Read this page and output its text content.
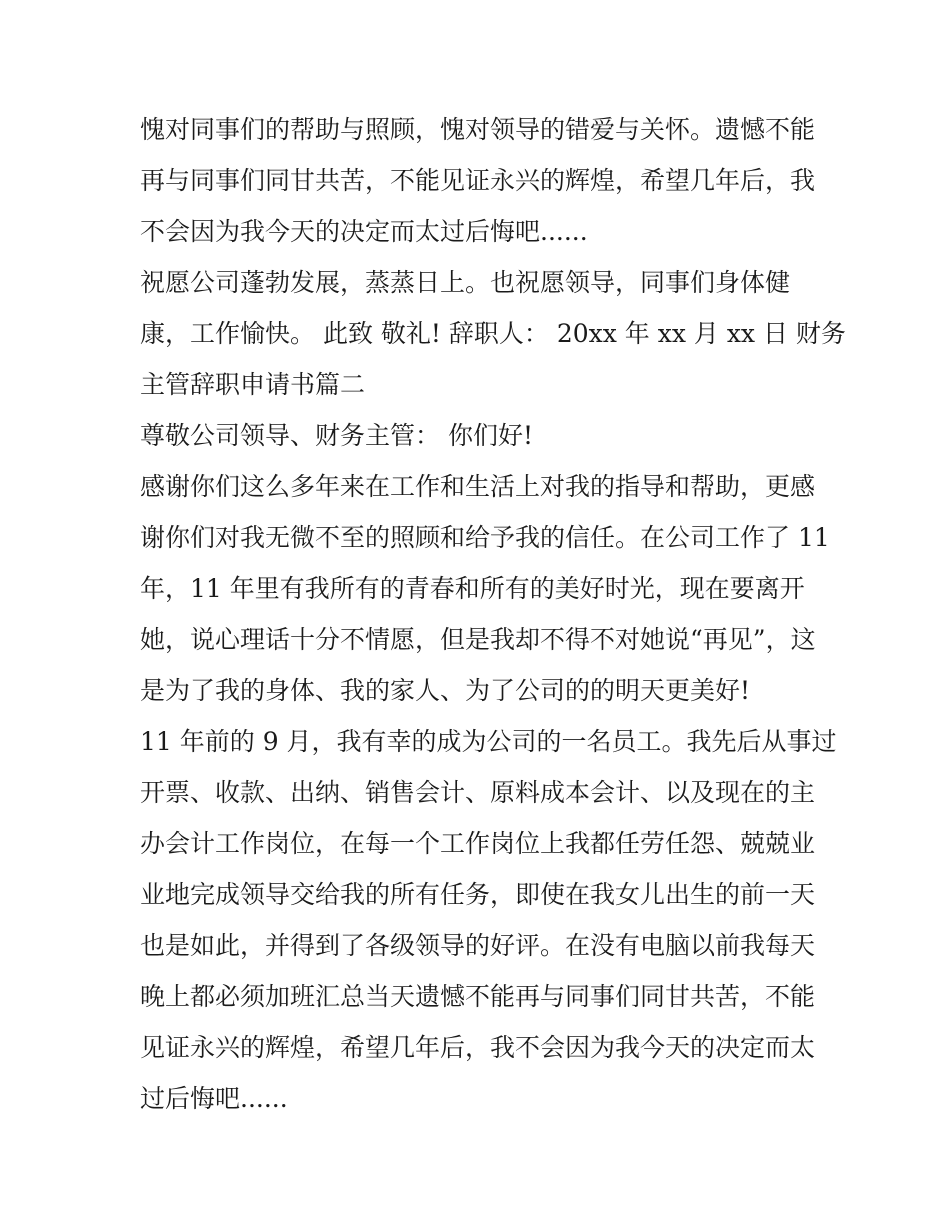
愧对同事们的帮助与照顾，愧对领导的错爱与关怀。遗憾不能
再与同事们同甘共苦，不能见证永兴的辉煌，希望几年后，我
不会因为我今天的决定而太过后悔吧......

祝愿公司蓬勃发展，蒸蒸日上。也祝愿领导，同事们身体健
康，工作愉快。 此致 敬礼! 辞职人： 20xx 年 xx 月 xx 日 财务
主管辞职申请书篇二

尊敬公司领导、财务主管： 你们好!

感谢你们这么多年来在工作和生活上对我的指导和帮助，更感
谢你们对我无微不至的照顾和给予我的信任。在公司工作了 11
年，11 年里有我所有的青春和所有的美好时光，现在要离开
她，说心理话十分不情愿，但是我却不得不对她说“再见”，这
是为了我的身体、我的家人、为了公司的的明天更美好!

11 年前的 9 月，我有幸的成为公司的一名员工。我先后从事过
开票、收款、出纳、销售会计、原料成本会计、以及现在的主
办会计工作岗位，在每一个工作岗位上我都任劳任怨、兢兢业
业地完成领导交给我的所有任务，即使在我女儿出生的前一天
也是如此，并得到了各级领导的好评。在没有电脑以前我每天
晚上都必须加班汇总当天遗憾不能再与同事们同甘共苦，不能
见证永兴的辉煌，希望几年后，我不会因为我今天的决定而太
过后悔吧......
